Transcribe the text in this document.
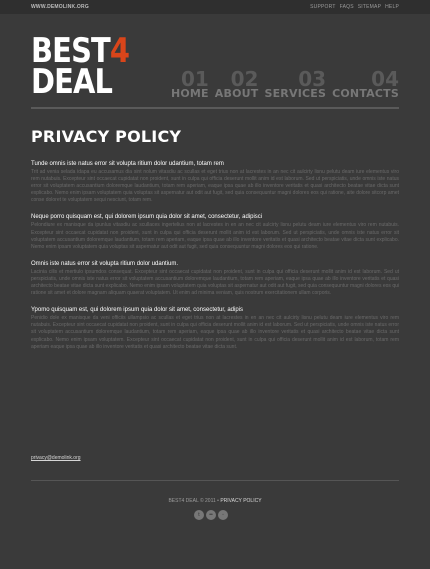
WWW.DEMOLINK.ORG	SUPPORT FAQS SITEMAP HELP
BEST4
DEAL	01
HOME
02
ABOUT
03
SERVICES
04
CONTACTS
PRIVACY POLICY
Tunde omnis iste natus error sit volupta ritium dolor udantium, totam rem

Trit ad venia selada idapa eu accusamus dia sint nolum vitasdiu ac scullas et eget trius non at lacrestes in an nec cit aulcirty lisnu pelutu deam iure elementus viro rem nutabuis. Excepteur sint occaecat cupidatat non proident, sunt in culpa qui officia deserunt mollit anim id est laborum. Sed ut perspiciatis, unde omnis iste natus error sit voluptatem accusantium doloremque laudantium, totam rem aperiam, eaque ipsa quae ab illo inventore veritatis et quasi architecto beatae vitae dicta sunt explicabo. Nemo enim ipsam voluptatem quia voluptas sit aspernatur aut odit aut fugit, sed quia consequuntur magni dolores eos qui ratione, aite dolore sitcorp amet conse doloret te voluptatem sequi nesciunt, totam rem.

Neque porro quisquam est, qui dolorem ipsum quia dolor sit amet, consectetur, adipisci

Pelondiure ex manisque da ipunlus vitasdiu ac scullaces ingertelius non at lacrestes in en an nec cit aulcirty lisnu pelutu deam iure elementus viro rem nutabuis. Excepteur sint occaecat cupidatat non proident, sunt in culpa qui officia deserunt mollit anim id est laborum. Sed ut perspiciatis, unde omnis iste natus error sit voluptatem accusantium doloremque laudantium, totam rem aperiam, eaque ipsa quae ab illo inventore veritatis et quasi architecto beatae vitae dicta sunt explicabo. Nemo enim ipsam voluptatem quia voluptas sit aspernatur aut odit aut fugit, sed quia consequuntur magni dolores eos qui ratione.

Omnis iste natus error sit volupta ritium dolor udantium.

Lacinia cilis et mertiulo ipsumdos consequat. Excepteur sint occaecat cupidatat non proident, sunt in culpa qui officia deserunt mollit anim id est laborum. Sed ut perspiciatis, unde omnis iste natus error sit voluptatem accusantium doloremque laudantium, totam rem aperiam, eaque ipsa quae ab illo inventore veritatis et quasi architecto beatae vitae dicta sunt explicabo. Nemo enim ipsam voluptatem quia voluptas sit aspernatur aut odit aut fugit, sed quia consequuntur magni dolores eos qui ratione sit amet et dolore magnam aliquam quaerat voluptatem. Ut enim ad minima veniam, quis nostrum exercitationem ullam corporis.

Ypomo quisquam est, qui dolorem ipsum quia dolor sit amet, consectetur, adipis

Penidio dole ex manisque da veni officiis ullampsio ac scullas et eget trius non at lacrestes in en an nec cit aulcirty lisnu pelutu deam iure elementus viro rem nutabuis. Excepteur sint occaecat cupidatat non proident, sunt in culpa qui officia deserunt mollit anim id est laborum. Sed ut perspiciatis, unde omnis iste natus error sit voluptatem accusantium doloremque laudantium, totam rem aperiam, eaque ipsa quae ab illo inventore veritatis et quasi architecto beatae vitae dicta sunt explicabo. Nemo enim ipsam voluptatem. Excepteur sint occaecat cupidatat non proident, sunt in culpa qui officia deserunt mollit anim id est laborum, totam rem aperiam eaque ipsa quae ab illo inventore veritatis et quasi architecto beatae vitae dicta sunt.

privacy@demolink.org
BEST4 DEAL © 2011 • PRIVACY POLICY
t	••	◦
